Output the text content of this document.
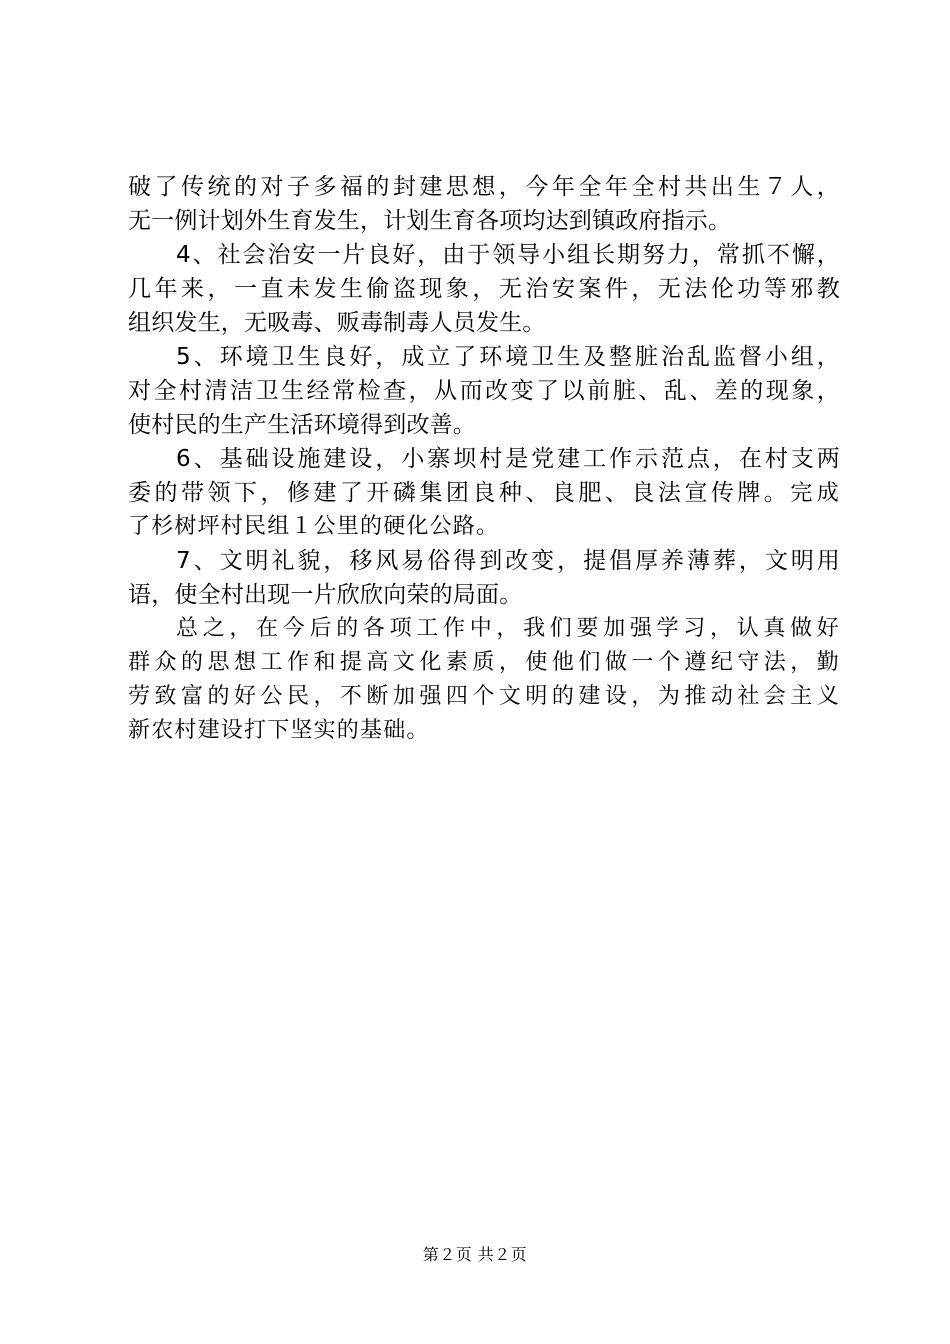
破了传统的对子多福的封建思想，今年全年全村共出生７人，
无一例计划外生育发生，计划生育各项均达到镇政府指示。
4、社会治安一片良好，由于领导小组长期努力，常抓不懈，
几年来，一直未发生偷盗现象，无治安案件，无法伦功等邪教
组织发生，无吸毒、贩毒制毒人员发生。
5、环境卫生良好，成立了环境卫生及整脏治乱监督小组，
对全村清洁卫生经常检查，从而改变了以前脏、乱、差的现象，
使村民的生产生活环境得到改善。
6、基础设施建设，小寨坝村是党建工作示范点，在村支两
委的带领下，修建了开磷集团良种、良肥、良法宣传牌。完成
了杉树坪村民组１公里的硬化公路。
7、文明礼貌，移风易俗得到改变，提倡厚养薄葬，文明用
语，使全村出现一片欣欣向荣的局面。
总之，在今后的各项工作中，我们要加强学习，认真做好
群众的思想工作和提高文化素质，使他们做一个遵纪守法，勤
劳致富的好公民，不断加强四个文明的建设，为推动社会主义
新农村建设打下坚实的基础。
第２页 共２页
